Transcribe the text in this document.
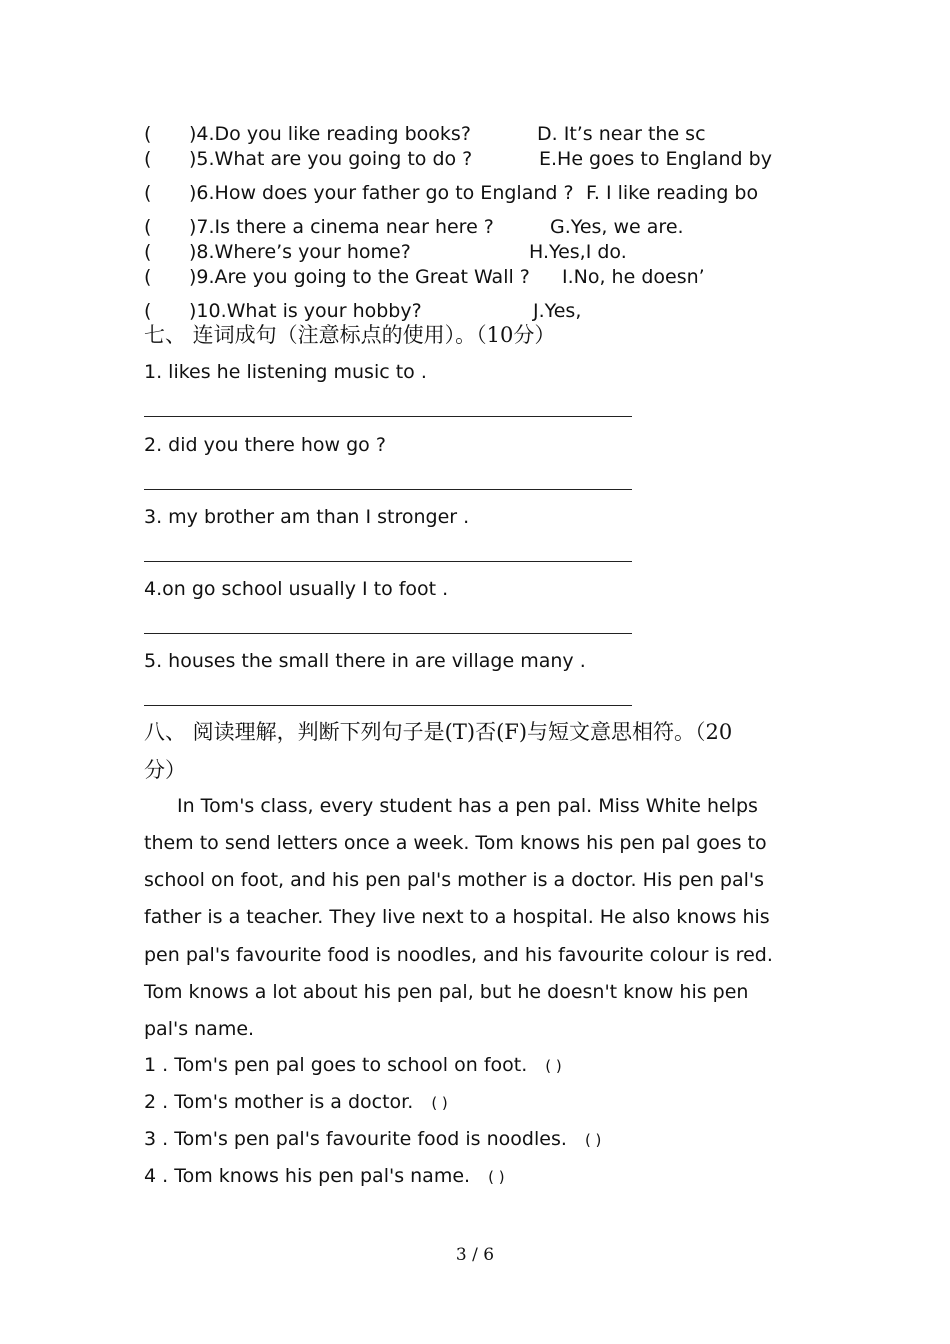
( )4.Do you like reading books?	D. It’s near the sc
( )5.What are you going to do ?	E.He goes to England by
( )6.How does your father go to England ? F. I like reading bo
( )7.Is there a cinema near here ?	G.Yes, we are.
( )8.Where’s your home?	H.Yes,I do.
( )9.Are you going to the Great Wall ? I.No, he doesn’
( )10.What is your hobby?	J.Yes,
七、 连词成句（注意标点的使用）。（10分）
1. likes he listening music to .
2. did you there how go ?
3. my brother am than I stronger .
4.on go school usually I to foot .
5. houses the small there in are village many .
八、 阅读理解，判断下列句子是(T)否(F)与短文意思相符。（20
分）
In Tom's class, every student has a pen pal. Miss White helps
them to send letters once a week. Tom knows his pen pal goes to
school on foot, and his pen pal's mother is a doctor. His pen pal's
father is a teacher. They live next to a hospital. He also knows his
pen pal's favourite food is noodles, and his favourite colour is red.
Tom knows a lot about his pen pal, but he doesn't know his pen
pal's name.
1 . Tom's pen pal goes to school on foot. ( )
2 . Tom's mother is a doctor. ( )
3 . Tom's pen pal's favourite food is noodles. ( )
4 . Tom knows his pen pal's name. ( )
3 / 6
